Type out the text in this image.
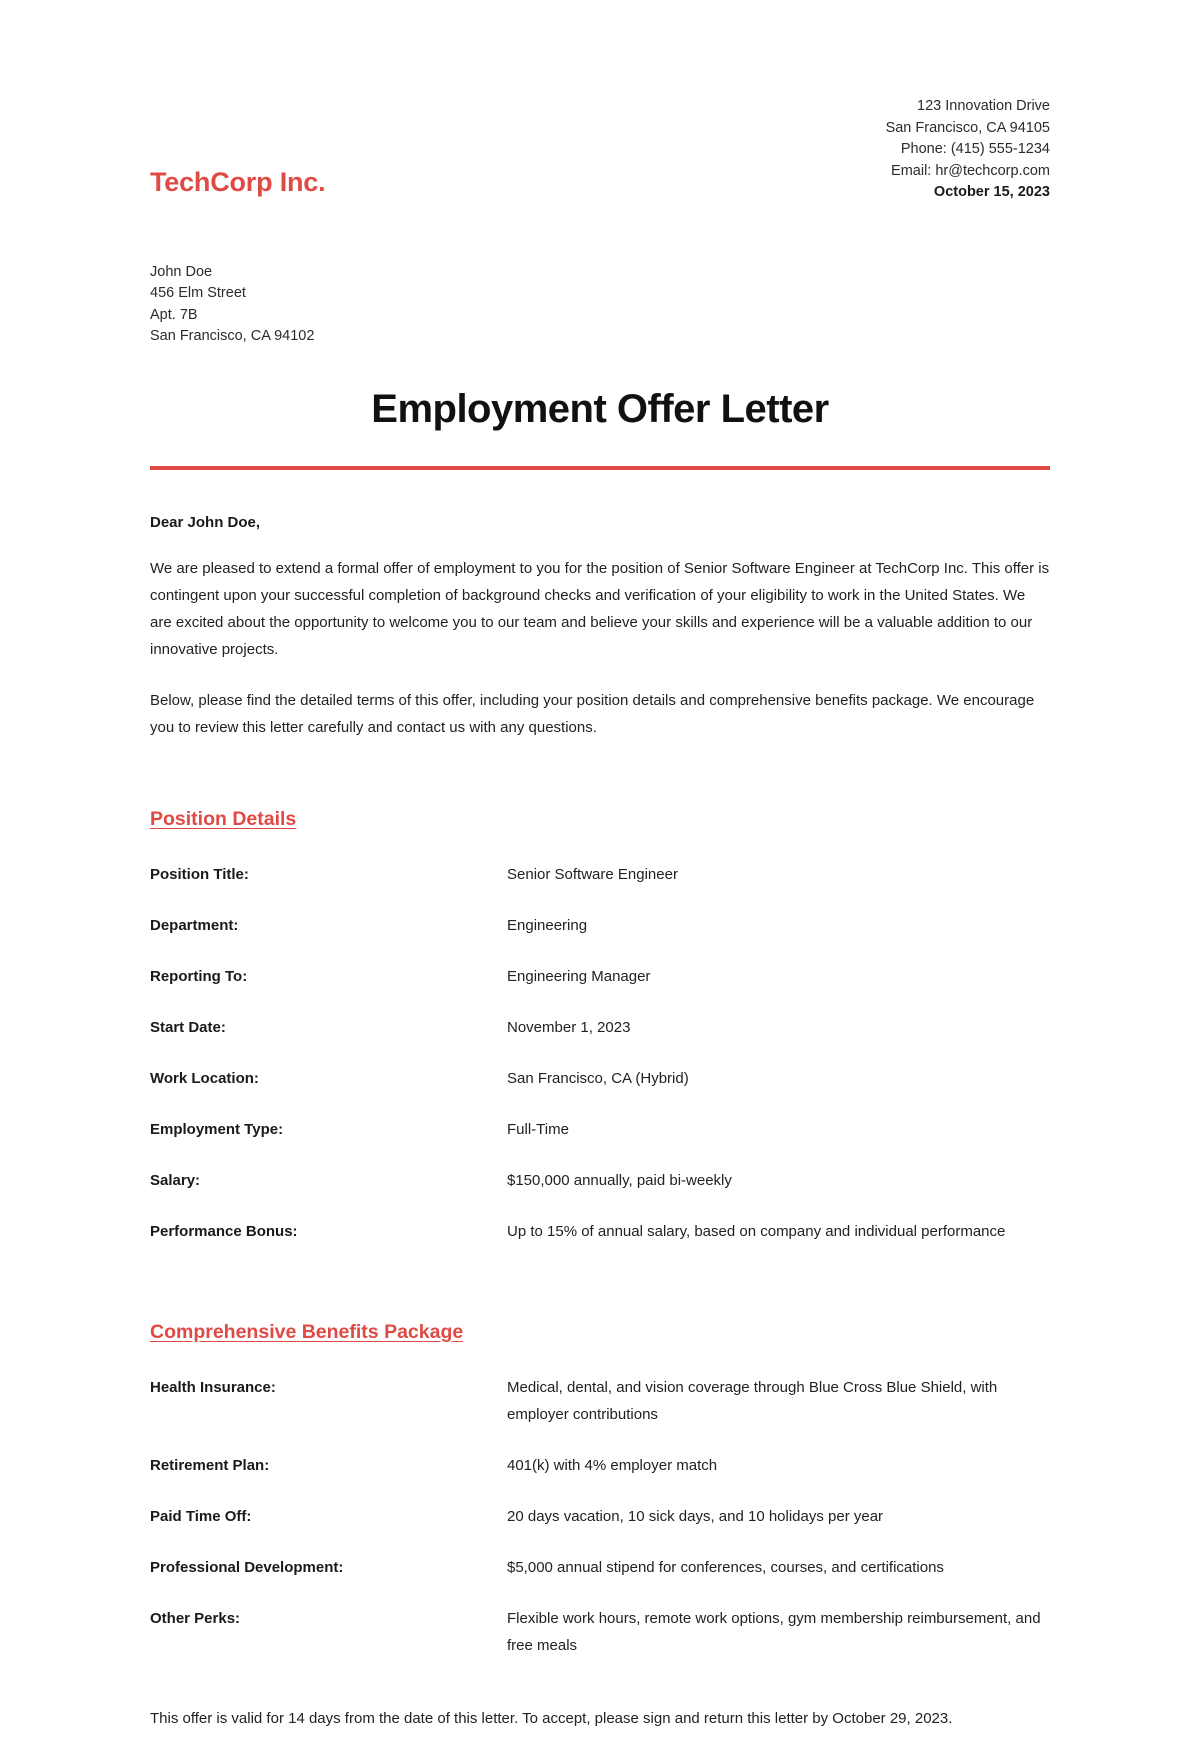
TechCorp Inc.
123 Innovation Drive
San Francisco, CA 94105
Phone: (415) 555-1234
Email: hr@techcorp.com
October 15, 2023
John Doe
456 Elm Street
Apt. 7B
San Francisco, CA 94102
Employment Offer Letter
Dear John Doe,

We are pleased to extend a formal offer of employment to you for the position of Senior Software Engineer at TechCorp Inc. This offer is contingent upon your successful completion of background checks and verification of your eligibility to work in the United States. We are excited about the opportunity to welcome you to our team and believe your skills and experience will be a valuable addition to our innovative projects.

Below, please find the detailed terms of this offer, including your position details and comprehensive benefits package. We encourage you to review this letter carefully and contact us with any questions.

Position Details
Position Title:	Senior Software Engineer
Department:	Engineering
Reporting To:	Engineering Manager
Start Date:	November 1, 2023
Work Location:	San Francisco, CA (Hybrid)
Employment Type:	Full-Time
Salary:	$150,000 annually, paid bi-weekly
Performance Bonus:	Up to 15% of annual salary, based on company and individual performance
Comprehensive Benefits Package
Health Insurance:	Medical, dental, and vision coverage through Blue Cross Blue Shield, with employer contributions
Retirement Plan:	401(k) with 4% employer match
Paid Time Off:	20 days vacation, 10 sick days, and 10 holidays per year
Professional Development:	$5,000 annual stipend for conferences, courses, and certifications
Other Perks:	Flexible work hours, remote work options, gym membership reimbursement, and free meals

This offer is valid for 14 days from the date of this letter. To accept, please sign and return this letter by October 29, 2023.
